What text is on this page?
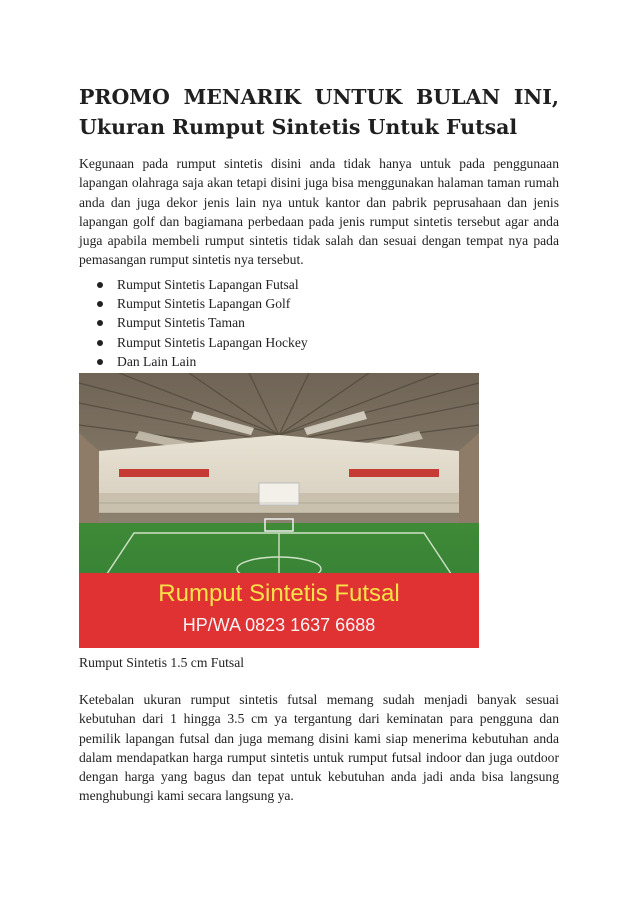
PROMO MENARIK UNTUK BULAN INI,
Ukuran Rumput Sintetis Untuk Futsal

Kegunaan pada rumput sintetis disini anda tidak hanya untuk pada penggunaan lapangan olahraga saja akan tetapi disini juga bisa menggunakan halaman taman rumah anda dan juga dekor jenis lain nya untuk kantor dan pabrik peprusahaan dan jenis lapangan golf dan bagiamana perbedaan pada jenis rumput sintetis tersebut agar anda juga apabila membeli rumput sintetis tidak salah dan sesuai dengan tempat nya pada pemasangan rumput sintetis nya tersebut.

Rumput Sintetis Lapangan Futsal
Rumput Sintetis Lapangan Golf
Rumput Sintetis Taman
Rumput Sintetis Lapangan Hockey
Dan Lain Lain
Rumput Sintetis Futsal
HP/WA 0823 1637 6688

Rumput Sintetis 1.5 cm Futsal

Ketebalan ukuran rumput sintetis futsal memang sudah menjadi banyak sesuai kebutuhan dari 1 hingga 3.5 cm ya tergantung dari keminatan para pengguna dan pemilik lapangan futsal dan juga memang disini kami siap menerima kebutuhan anda dalam mendapatkan harga rumput sintetis untuk rumput futsal indoor dan juga outdoor dengan harga yang bagus dan tepat untuk kebutuhan anda jadi anda bisa langsung menghubungi kami secara langsung ya.
